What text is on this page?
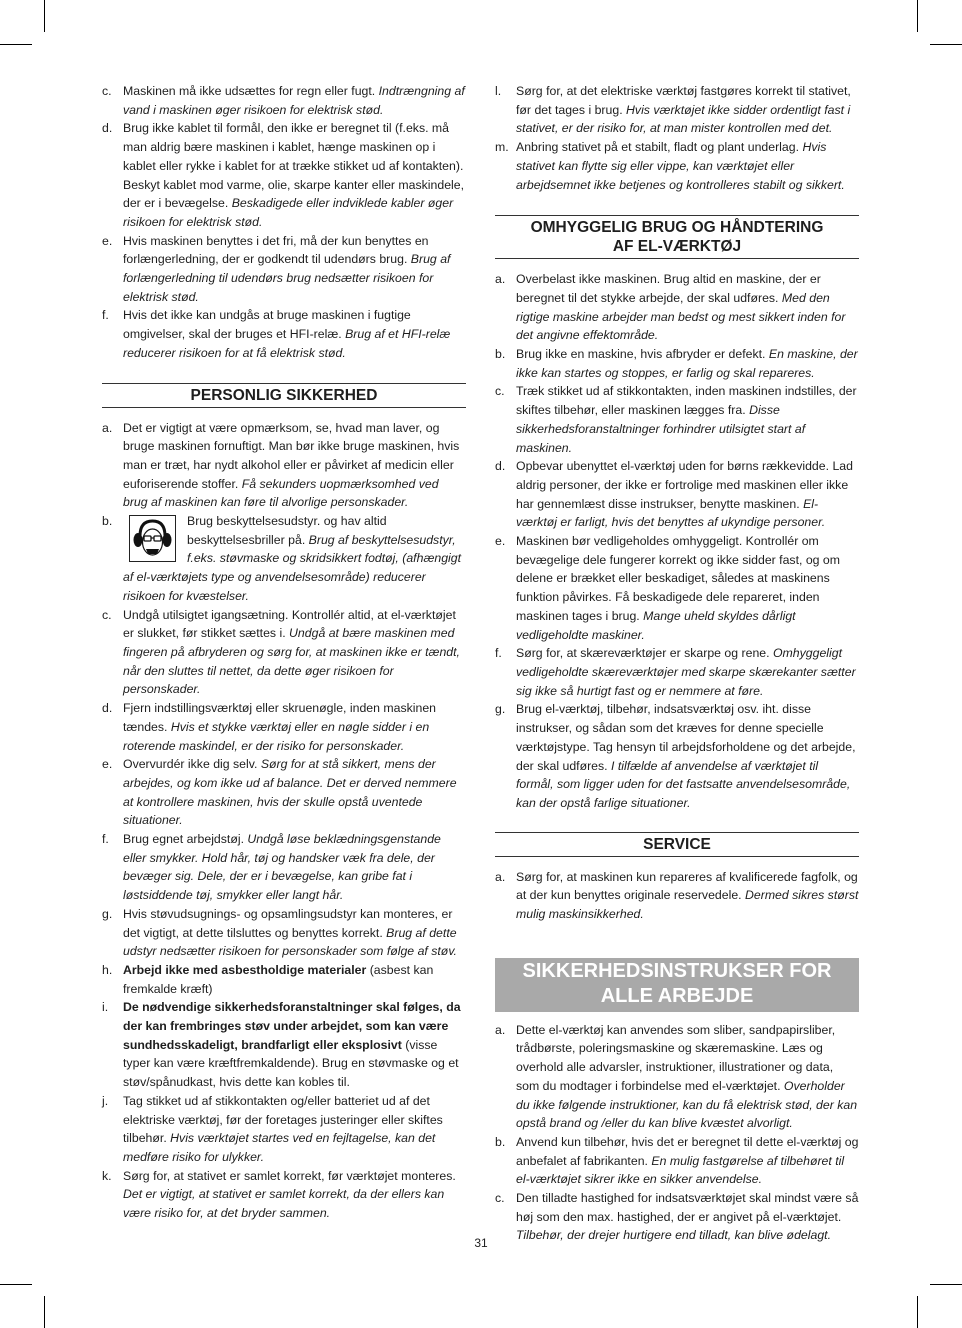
c. Maskinen må ikke udsættes for regn eller fugt. Indtrængning af vand i maskinen øger risikoen for elektrisk stød.
d. Brug ikke kablet til formål, den ikke er beregnet til (f.eks. må man aldrig bære maskinen i kablet, hænge maskinen op i kablet eller rykke i kablet for at trække stikket ud af kontakten). Beskyt kablet mod varme, olie, skarpe kanter eller maskindele, der er i bevægelse. Beskadigede eller indviklede kabler øger risikoen for elektrisk stød.
e. Hvis maskinen benyttes i det fri, må der kun benyttes en forlængerledning, der er godkendt til udendørs brug. Brug af forlængerledning til udendørs brug nedsætter risikoen for elektrisk stød.
f. Hvis det ikke kan undgås at bruge maskinen i fugtige omgivelser, skal der bruges et HFI-relæ. Brug af et HFI-relæ reducerer risikoen for at få elektrisk stød.
PERSONLIG SIKKERHED
a. Det er vigtigt at være opmærksom, se, hvad man laver, og bruge maskinen fornuftigt. Man bør ikke bruge maskinen, hvis man er træt, har nydt alkohol eller er påvirket af medicin eller euforiserende stoffer. Få sekunders uopmærksomhed ved brug af maskinen kan føre til alvorlige personskader.
b.	Brug beskyttelsesudstyr. og hav altid beskyttelsesbriller på. Brug af beskyttelsesudstyr, f.eks. støvmaske og skridsikkert fodtøj, (afhængigt af el-værktøjets type og anvendelsesområde) reducerer risikoen for kvæstelser.
c. Undgå utilsigtet igangsætning. Kontrollér altid, at el-værktøjet er slukket, før stikket sættes i. Undgå at bære maskinen med fingeren på afbryderen og sørg for, at maskinen ikke er tændt, når den sluttes til nettet, da dette øger risikoen for personskader.
d. Fjern indstillingsværktøj eller skruenøgle, inden maskinen tændes. Hvis et stykke værktøj eller en nøgle sidder i en roterende maskindel, er der risiko for personskader.
e. Overvurdér ikke dig selv. Sørg for at stå sikkert, mens der arbejdes, og kom ikke ud af balance. Det er derved nemmere at kontrollere maskinen, hvis der skulle opstå uventede situationer.
f. Brug egnet arbejdstøj. Undgå løse beklædningsgenstande eller smykker. Hold hår, tøj og handsker væk fra dele, der bevæger sig. Dele, der er i bevægelse, kan gribe fat i løstsiddende tøj, smykker eller langt hår.
g. Hvis støvudsugnings- og opsamlingsudstyr kan monteres, er det vigtigt, at dette tilsluttes og benyttes korrekt. Brug af dette udstyr nedsætter risikoen for personskader som følge af støv.
h. Arbejd ikke med asbestholdige materialer (asbest kan fremkalde kræft)
i. De nødvendige sikkerhedsforanstaltninger skal følges, da der kan frembringes støv under arbejdet, som kan være sundhedsskadeligt, brandfarligt eller eksplosivt (visse typer kan være kræftfremkaldende). Brug en støvmaske og et støv/spånudkast, hvis dette kan kobles til.
j. Tag stikket ud af stikkontakten og/eller batteriet ud af det elektriske værktøj, før der foretages justeringer eller skiftes tilbehør. Hvis værktøjet startes ved en fejltagelse, kan det medføre risiko for ulykker.
k. Sørg for, at stativet er samlet korrekt, før værktøjet monteres. Det er vigtigt, at stativet er samlet korrekt, da der ellers kan være risiko for, at det bryder sammen.
l. Sørg for, at det elektriske værktøj fastgøres korrekt til stativet, før det tages i brug. Hvis værktøjet ikke sidder ordentligt fast i stativet, er der risiko for, at man mister kontrollen med det.
m. Anbring stativet på et stabilt, fladt og plant underlag. Hvis stativet kan flytte sig eller vippe, kan værktøjet eller arbejdsemnet ikke betjenes og kontrolleres stabilt og sikkert.
OMHYGGELIG BRUG OG HÅNDTERING
AF EL-VÆRKTØJ
a. Overbelast ikke maskinen. Brug altid en maskine, der er beregnet til det stykke arbejde, der skal udføres. Med den rigtige maskine arbejder man bedst og mest sikkert inden for det angivne effektområde.
b. Brug ikke en maskine, hvis afbryder er defekt. En maskine, der ikke kan startes og stoppes, er farlig og skal repareres.
c. Træk stikket ud af stikkontakten, inden maskinen indstilles, der skiftes tilbehør, eller maskinen lægges fra. Disse sikkerhedsforanstaltninger forhindrer utilsigtet start af maskinen.
d. Opbevar ubenyttet el-værktøj uden for børns rækkevidde. Lad aldrig personer, der ikke er fortrolige med maskinen eller ikke har gennemlæst disse instrukser, benytte maskinen. El-værktøj er farligt, hvis det benyttes af ukyndige personer.
e. Maskinen bør vedligeholdes omhyggeligt. Kontrollér om bevægelige dele fungerer korrekt og ikke sidder fast, og om delene er brækket eller beskadiget, således at maskinens funktion påvirkes. Få beskadigede dele repareret, inden maskinen tages i brug. Mange uheld skyldes dårligt vedligeholdte maskiner.
f. Sørg for, at skæreværktøjer er skarpe og rene. Omhyggeligt vedligeholdte skæreværktøjer med skarpe skærekanter sætter sig ikke så hurtigt fast og er nemmere at føre.
g. Brug el-værktøj, tilbehør, indsatsværktøj osv. iht. disse instrukser, og sådan som det kræves for denne specielle værktøjstype. Tag hensyn til arbejdsforholdene og det arbejde, der skal udføres. I tilfælde af anvendelse af værktøjet til formål, som ligger uden for det fastsatte anvendelsesområde, kan der opstå farlige situationer.
SERVICE
a. Sørg for, at maskinen kun repareres af kvalificerede fagfolk, og at der kun benyttes originale reservedele. Dermed sikres størst mulig maskinsikkerhed.
SIKKERHEDSINSTRUKSER FOR
ALLE ARBEJDE
a. Dette el-værktøj kan anvendes som sliber, sandpapirsliber, trådbørste, poleringsmaskine og skæremaskine. Læs og overhold alle advarsler, instruktioner, illustrationer og data, som du modtager i forbindelse med el-værktøjet. Overholder du ikke følgende instruktioner, kan du få elektrisk stød, der kan opstå brand og /eller du kan blive kvæstet alvorligt.
b. Anvend kun tilbehør, hvis det er beregnet til dette el-værktøj og anbefalet af fabrikanten. En mulig fastgørelse af tilbehøret til el-værktøjet sikrer ikke en sikker anvendelse.
c. Den tilladte hastighed for indsatsværktøjet skal mindst være så høj som den max. hastighed, der er angivet på el-værktøjet. Tilbehør, der drejer hurtigere end tilladt, kan blive ødelagt.
31
